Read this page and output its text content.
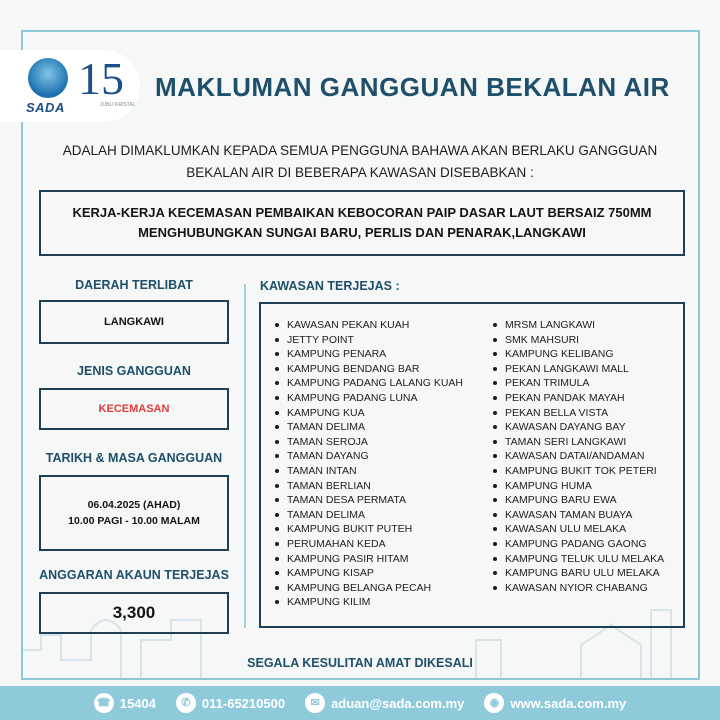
SADA
15
JUBLI KRISTAL
MAKLUMAN GANGGUAN BEKALAN AIR
ADALAH DIMAKLUMKAN KEPADA SEMUA PENGGUNA BAHAWA AKAN BERLAKU GANGGUAN
BEKALAN AIR DI BEBERAPA KAWASAN DISEBABKAN :
KERJA-KERJA KECEMASAN PEMBAIKAN KEBOCORAN PAIP DASAR LAUT BERSAIZ 750MM
MENGHUBUNGKAN SUNGAI BARU, PERLIS DAN PENARAK,LANGKAWI
DAERAH TERLIBAT
LANGKAWI
JENIS GANGGUAN
KECEMASAN
TARIKH & MASA GANGGUAN
06.04.2025 (AHAD)
10.00 PAGI - 10.00 MALAM
ANGGARAN AKAUN TERJEJAS
3,300
KAWASAN TERJEJAS :
KAWASAN PEKAN KUAH
JETTY POINT
KAMPUNG PENARA
KAMPUNG BENDANG BAR
KAMPUNG PADANG LALANG KUAH
KAMPUNG PADANG LUNA
KAMPUNG KUA
TAMAN DELIMA
TAMAN SEROJA
TAMAN DAYANG
TAMAN INTAN
TAMAN BERLIAN
TAMAN DESA PERMATA
TAMAN DELIMA
KAMPUNG BUKIT PUTEH
PERUMAHAN KEDA
KAMPUNG PASIR HITAM
KAMPUNG KISAP
KAMPUNG BELANGA PECAH
KAMPUNG KILIM
MRSM LANGKAWI
SMK MAHSURI
KAMPUNG KELIBANG
PEKAN LANGKAWI MALL
PEKAN TRIMULA
PEKAN PANDAK MAYAH
PEKAN BELLA VISTA
KAWASAN DAYANG BAY
TAMAN SERI LANGKAWI
KAWASAN DATAI/ANDAMAN
KAMPUNG BUKIT TOK PETERI
KAMPUNG HUMA
KAMPUNG BARU EWA
KAWASAN TAMAN BUAYA
KAWASAN ULU MELAKA
KAMPUNG PADANG GAONG
KAMPUNG TELUK ULU MELAKA
KAMPUNG BARU ULU MELAKA
KAWASAN NYIOR CHABANG
SEGALA KESULITAN AMAT DIKESALI
☎ 15404	✆ 011-65210500	✉ aduan@sada.com.my	◉ www.sada.com.my
